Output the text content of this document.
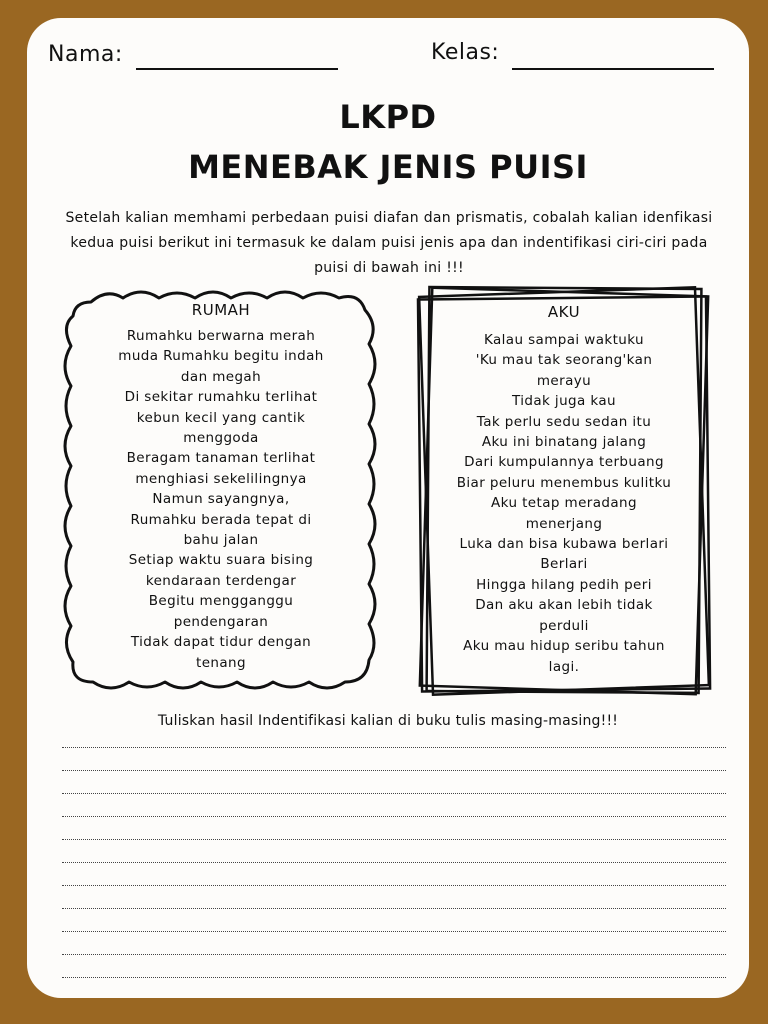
Nama:	Kelas:
LKPD
MENEBAK JENIS PUISI
Setelah kalian memhami perbedaan puisi diafan dan prismatis, cobalah kalian idenfikasi
kedua puisi berikut ini termasuk ke dalam puisi jenis apa dan indentifikasi ciri-ciri pada
puisi di bawah ini !!!
RUMAH
Rumahku berwarna merah
muda Rumahku begitu indah
dan megah
Di sekitar rumahku terlihat
kebun kecil yang cantik
menggoda
Beragam tanaman terlihat
menghiasi sekelilingnya
Namun sayangnya,
Rumahku berada tepat di
bahu jalan
Setiap waktu suara bising
kendaraan terdengar
Begitu mengganggu
pendengaran
Tidak dapat tidur dengan
tenang
AKU
Kalau sampai waktuku
'Ku mau tak seorang'kan
merayu
Tidak juga kau
Tak perlu sedu sedan itu
Aku ini binatang jalang
Dari kumpulannya terbuang
Biar peluru menembus kulitku
Aku tetap meradang
menerjang
Luka dan bisa kubawa berlari
Berlari
Hingga hilang pedih peri
Dan aku akan lebih tidak
perduli
Aku mau hidup seribu tahun
lagi.
Tuliskan hasil Indentifikasi kalian di buku tulis masing-masing!!!
